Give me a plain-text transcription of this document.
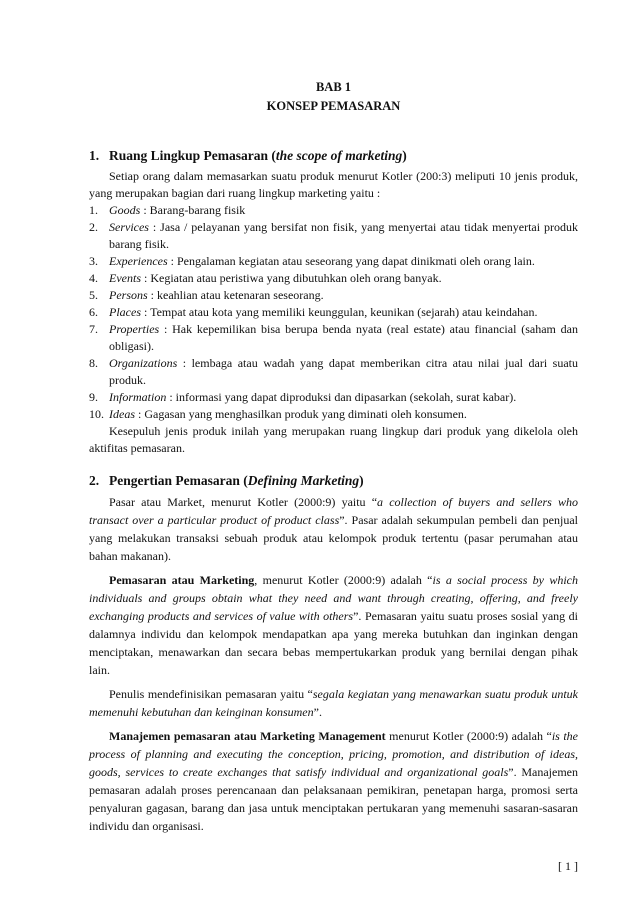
BAB 1
KONSEP PEMASARAN
1. Ruang Lingkup Pemasaran (the scope of marketing)

Setiap orang dalam memasarkan suatu produk menurut Kotler (200:3) meliputi 10 jenis produk, yang merupakan bagian dari ruang lingkup marketing yaitu :

1. Goods : Barang-barang fisik
2. Services : Jasa / pelayanan yang bersifat non fisik, yang menyertai atau tidak menyertai produk barang fisik.
3. Experiences : Pengalaman kegiatan atau seseorang yang dapat dinikmati oleh orang lain.
4. Events : Kegiatan atau peristiwa yang dibutuhkan oleh orang banyak.
5. Persons : keahlian atau ketenaran seseorang.
6. Places : Tempat atau kota yang memiliki keunggulan, keunikan (sejarah) atau keindahan.
7. Properties : Hak kepemilikan bisa berupa benda nyata (real estate) atau financial (saham dan obligasi).
8. Organizations : lembaga atau wadah yang dapat memberikan citra atau nilai jual dari suatu produk.
9. Information : informasi yang dapat diproduksi dan dipasarkan (sekolah, surat kabar).
10. Ideas : Gagasan yang menghasilkan produk yang diminati oleh konsumen.

Kesepuluh jenis produk inilah yang merupakan ruang lingkup dari produk yang dikelola oleh aktifitas pemasaran.

2. Pengertian Pemasaran (Defining Marketing)

Pasar atau Market, menurut Kotler (2000:9) yaitu “a collection of buyers and sellers who transact over a particular product of product class”. Pasar adalah sekumpulan pembeli dan penjual yang melakukan transaksi sebuah produk atau kelompok produk tertentu (pasar perumahan atau bahan makanan).

Pemasaran atau Marketing, menurut Kotler (2000:9) adalah “is a social process by which individuals and groups obtain what they need and want through creating, offering, and freely exchanging products and services of value with others”. Pemasaran yaitu suatu proses sosial yang di dalamnya individu dan kelompok mendapatkan apa yang mereka butuhkan dan inginkan dengan menciptakan, menawarkan dan secara bebas mempertukarkan produk yang bernilai dengan pihak lain.

Penulis mendefinisikan pemasaran yaitu “segala kegiatan yang menawarkan suatu produk untuk memenuhi kebutuhan dan keinginan konsumen”.

Manajemen pemasaran atau Marketing Management menurut Kotler (2000:9) adalah “is the process of planning and executing the conception, pricing, promotion, and distribution of ideas, goods, services to create exchanges that satisfy individual and organizational goals”. Manajemen pemasaran adalah proses perencanaan dan pelaksanaan pemikiran, penetapan harga, promosi serta penyaluran gagasan, barang dan jasa untuk menciptakan pertukaran yang memenuhi sasaran-sasaran individu dan organisasi.

[ 1 ]
